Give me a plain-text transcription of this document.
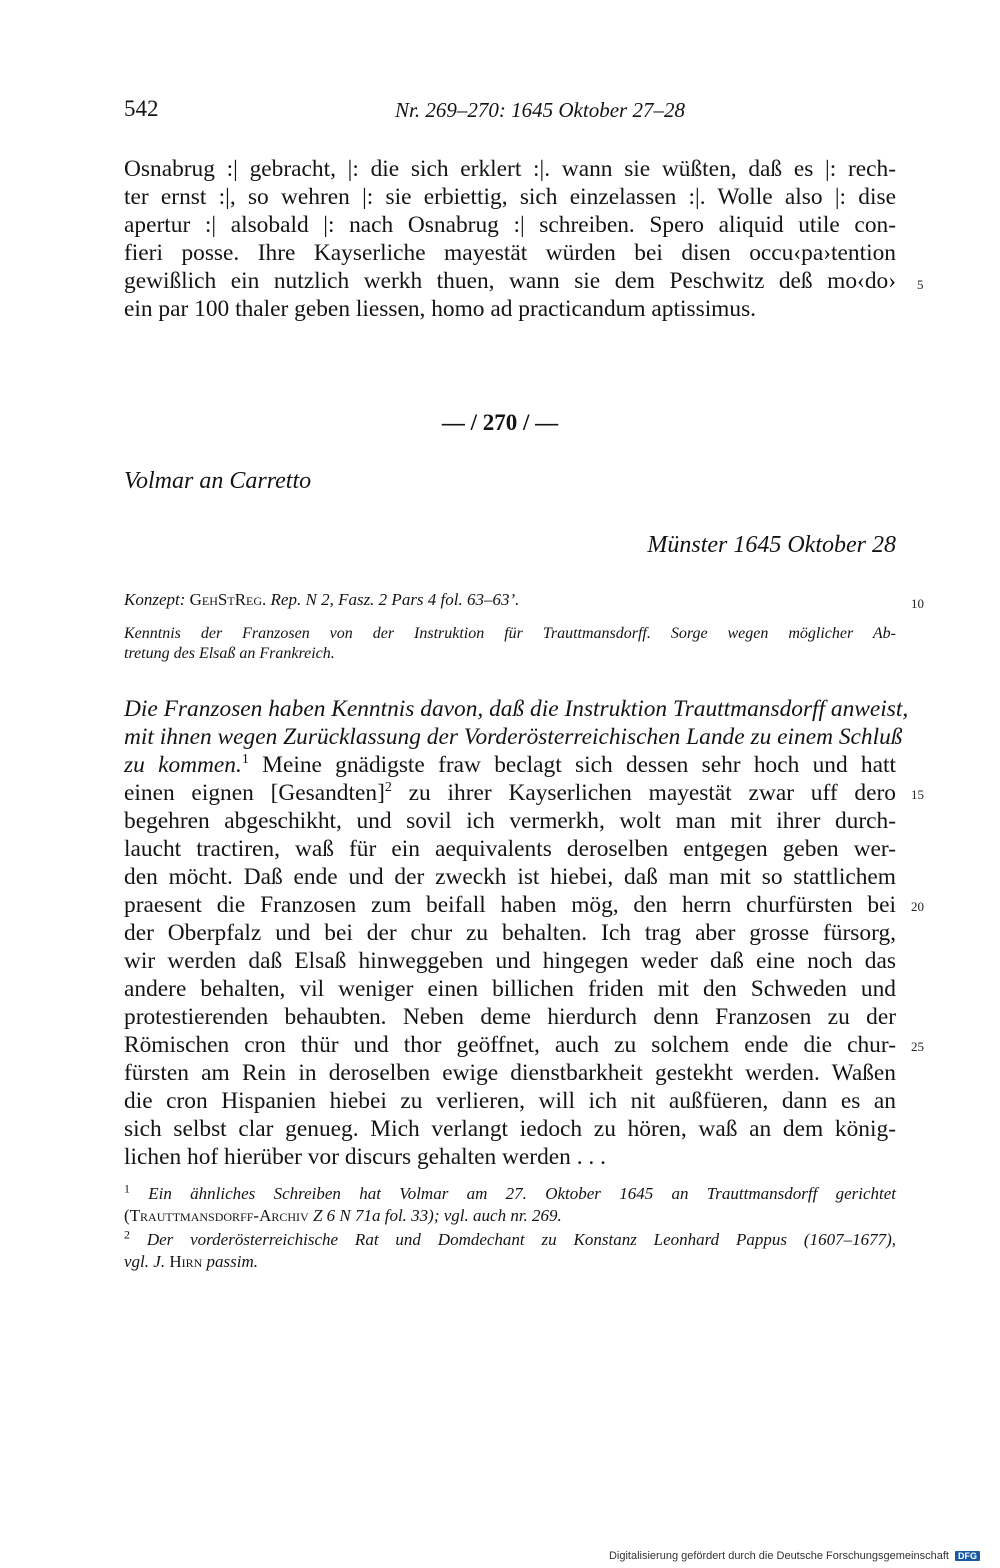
542	Nr. 269–270: 1645 Oktober 27–28
Osnabrug :| gebracht, |: die sich erklert :|. wann sie wüßten, daß es |: rech-
ter ernst :|, so wehren |: sie erbiettig, sich einzelassen :|. Wolle also |: dise
apertur :| alsobald |: nach Osnabrug :| schreiben. Spero aliquid utile con-
fieri posse. Ihre Kayserliche mayestät würden bei disen occu‹pa›tention
gewißlich ein nutzlich werkh thuen, wann sie dem Peschwitz deß mo‹do›
ein par 100 thaler geben liessen, homo ad practicandum aptissimus.
— / 270 / —
Volmar an Carretto
Münster 1645 Oktober 28
Konzept: GehStReg. Rep. N 2, Fasz. 2 Pars 4 fol. 63–63’.
Kenntnis der Franzosen von der Instruktion für Trauttmansdorff. Sorge wegen möglicher Ab-
tretung des Elsaß an Frankreich.
Die Franzosen haben Kenntnis davon, daß die Instruktion Trauttmansdorff anweist,
mit ihnen wegen Zurücklassung der Vorderösterreichischen Lande zu einem Schluß
zu kommen.$^1$ Meine gnädigste fraw beclagt sich dessen sehr hoch und hatt
einen eignen [Gesandten]$^2$ zu ihrer Kayserlichen mayestät zwar uff dero
begehren abgeschikht, und sovil ich vermerkh, wolt man mit ihrer durch-
laucht tractiren, waß für ein aequivalents deroselben entgegen geben wer-
den möcht. Daß ende und der zweckh ist hiebei, daß man mit so stattlichem
praesent die Franzosen zum beifall haben mög, den herrn churfürsten bei
der Oberpfalz und bei der chur zu behalten. Ich trag aber grosse fürsorg,
wir werden daß Elsaß hinweggeben und hingegen weder daß eine noch das
andere behalten, vil weniger einen billichen friden mit den Schweden und
protestierenden behaubten. Neben deme hierdurch denn Franzosen zu der
Römischen cron thür und thor geöffnet, auch zu solchem ende die chur-
fürsten am Rein in deroselben ewige dienstbarkheit gestekht werden. Waßen
die cron Hispanien hiebei zu verlieren, will ich nit außfüeren, dann es an
sich selbst clar genueg. Mich verlangt iedoch zu hören, waß an dem könig-
lichen hof hierüber vor discurs gehalten werden . . .
5
10
15
20
25
$^1$ Ein ähnliches Schreiben hat Volmar am 27. Oktober 1645 an Trauttmansdorff gerichtet
(Trauttmansdorff-Archiv Z 6 N 71a fol. 33); vgl. auch nr. 269.
$^2$ Der vorderösterreichische Rat und Domdechant zu Konstanz Leonhard Pappus (1607–1677),
vgl. J. Hirn passim.
Digitalisierung gefördert durch die Deutsche Forschungsgemeinschaft DFG
